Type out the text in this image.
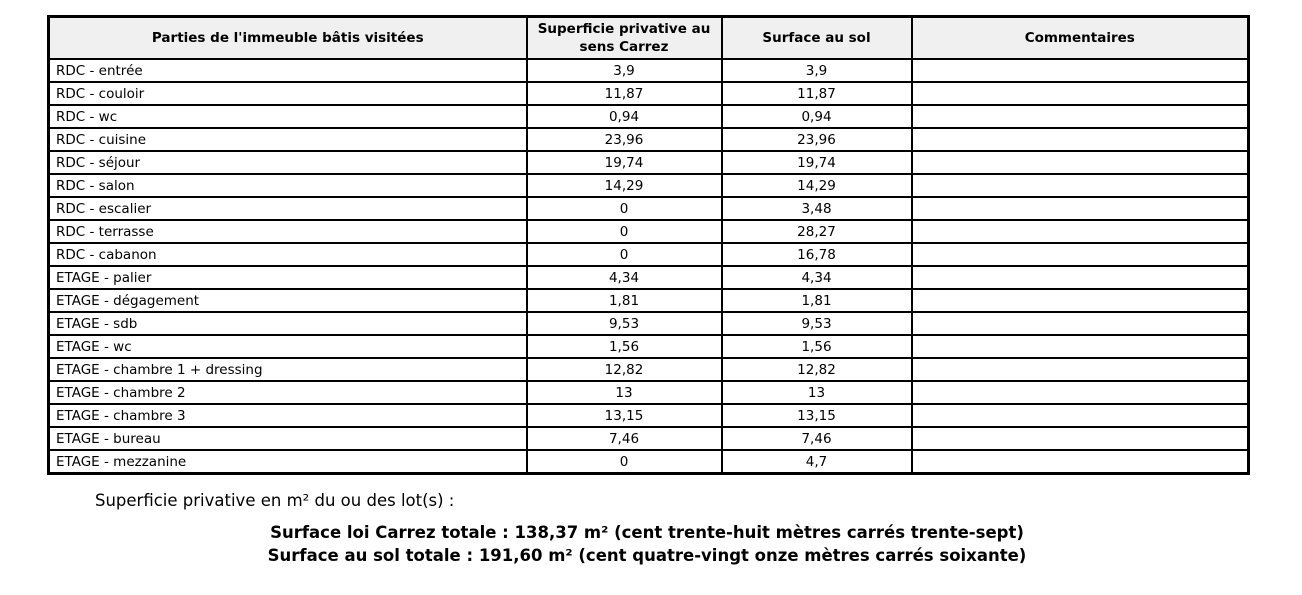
Parties de l'immeuble bâtis visitées	Superficie privative au sens Carrez	Surface au sol	Commentaires
RDC - entrée	3,9	3,9	
RDC - couloir	11,87	11,87	
RDC - wc	0,94	0,94	
RDC - cuisine	23,96	23,96	
RDC - séjour	19,74	19,74	
RDC - salon	14,29	14,29	
RDC - escalier	0	3,48	
RDC - terrasse	0	28,27	
RDC - cabanon	0	16,78	
ETAGE - palier	4,34	4,34	
ETAGE - dégagement	1,81	1,81	
ETAGE - sdb	9,53	9,53	
ETAGE - wc	1,56	1,56	
ETAGE - chambre 1 + dressing	12,82	12,82	
ETAGE - chambre 2	13	13	
ETAGE - chambre 3	13,15	13,15	
ETAGE - bureau	7,46	7,46	
ETAGE - mezzanine	0	4,7	

Superficie privative en m² du ou des lot(s) :

Surface loi Carrez totale : 138,37 m² (cent trente-huit mètres carrés trente-sept)
Surface au sol totale : 191,60 m² (cent quatre-vingt onze mètres carrés soixante)
